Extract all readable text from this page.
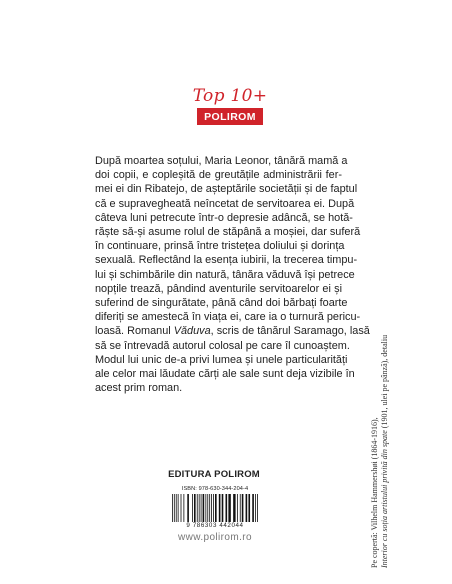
Top 10+
POLIROM
După moartea soțului, Maria Leonor, tânără mamă a
doi copii, e copleșită de greutățile administrării fer-
mei ei din Ribatejo, de așteptările societății și de faptul
că e supravegheată neîncetat de servitoarea ei. După
câteva luni petrecute într-o depresie adâncă, se hotă-
răște să-și asume rolul de stăpână a moșiei, dar suferă
în continuare, prinsă între tristețea doliului și dorința
sexuală. Reflectând la esența iubirii, la trecerea timpu-
lui și schimbările din natură, tânăra văduvă își petrece
nopțile trează, pândind aventurile servitoarelor ei și
suferind de singurătate, până când doi bărbați foarte
diferiți se amestecă în viața ei, care ia o turnură pericu-
loasă. Romanul Văduva, scris de tânărul Saramago, lasă
să se întrevadă autorul colosal pe care îl cunoaștem.
Modul lui unic de-a privi lumea și unele particularități
ale celor mai lăudate cărți ale sale sunt deja vizibile în
acest prim roman.
EDITURA POLIROM
ISBN: 978-630-344-204-4
9 786303 442044
www.polirom.ro	Pe copertă: Vilhelm Hammershøi (1864-1916), Interior cu soția artistului privită din spate (1901, ulei pe pânză), detaliu
